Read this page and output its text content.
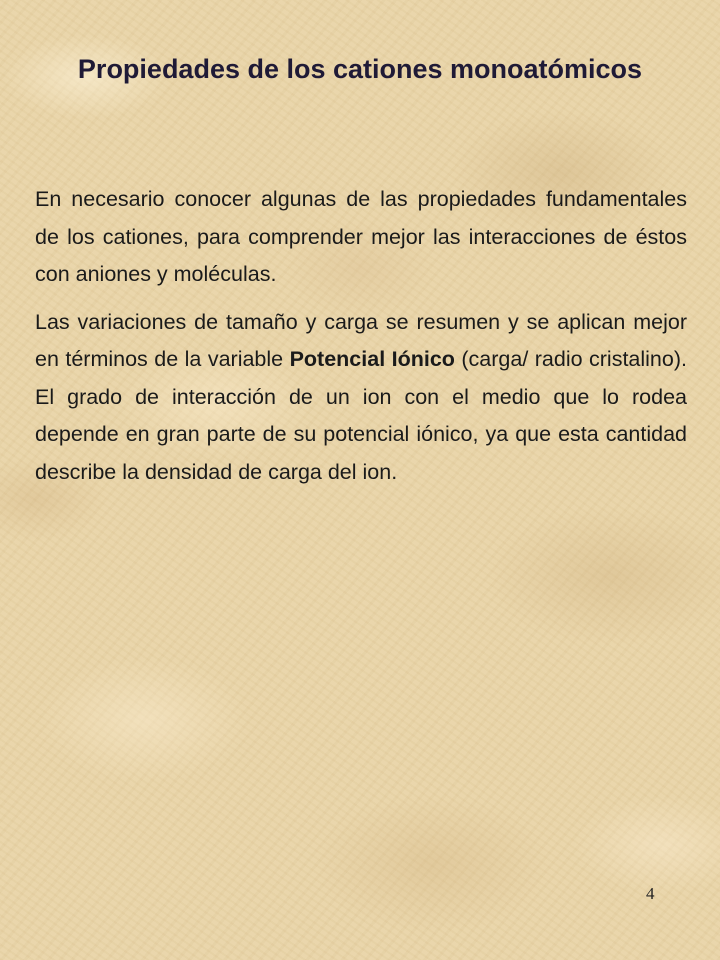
Propiedades de los cationes monoatómicos

En necesario conocer algunas de las propiedades fundamentales de los cationes, para comprender mejor las interacciones de éstos con aniones y moléculas.

Las variaciones de tamaño y carga se resumen y se aplican mejor en términos de la variable Potencial Iónico (carga/ radio cristalino). El grado de interacción de un ion con el medio que lo rodea depende en gran parte de su potencial iónico, ya que esta cantidad describe la densidad de carga del ion.

4
